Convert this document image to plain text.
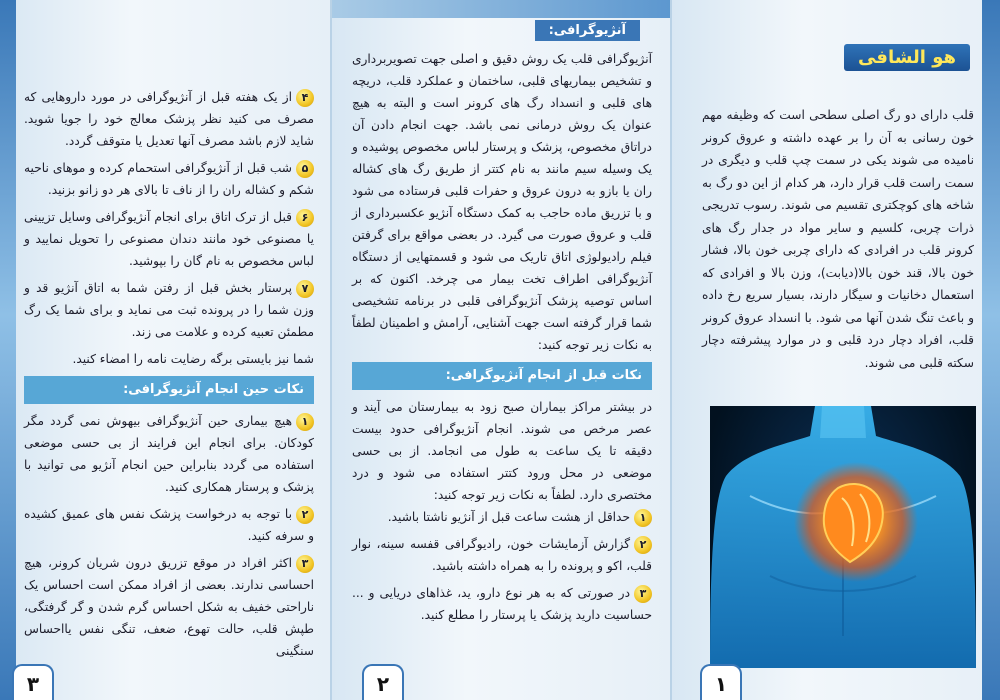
۴از یک هفته قبل از آنژیوگرافی در مورد داروهایی که مصرف می کنید نظر پزشک معالج خود را جویا شوید. شاید لازم باشد مصرف آنها تعدیل یا متوقف گردد.
۵شب قبل از آنژیوگرافی استحمام کرده و موهای ناحیه شکم و کشاله ران را از ناف تا بالای هر دو زانو بزنید.
۶قبل از ترک اتاق برای انجام آنژیوگرافی وسایل تزیینی یا مصنوعی خود مانند دندان مصنوعی را تحویل نمایید و لباس مخصوص به نام گان را بپوشید.
۷پرستار بخش قبل از رفتن شما به اتاق آنژیو قد و وزن شما را در پرونده ثبت می نماید و برای شما یک رگ مطمئن تعبیه کرده و علامت می زند.
شما نیز بایستی برگه رضایت نامه را امضاء کنید.
نکات حین انجام آنژیوگرافی:
۱هیچ بیماری حین آنژیوگرافی بیهوش نمی گردد مگر کودکان. برای انجام این فرایند از بی حسی موضعی استفاده می گردد بنابراین حین انجام آنژیو می توانید با پزشک و پرستار همکاری کنید.
۲با توجه به درخواست پزشک نفس های عمیق کشیده و سرفه کنید.
۳اکثر افراد در موقع تزریق درون شریان کرونر، هیچ احساسی ندارند. بعضی از افراد ممکن است احساس یک ناراحتی خفیف به شکل احساس گرم شدن و گر گرفتگی، طپش قلب، حالت تهوع، ضعف، تنگی نفس یااحساس سنگینی
۳
آنژیوگرافی:
آنژیوگرافی قلب یک روش دقیق و اصلی جهت تصویربرداری و تشخیص بیماریهای قلبی، ساختمان و عملکرد قلب، دریچه های قلبی و انسداد رگ های کرونر است و البته به هیچ عنوان یک روش درمانی نمی باشد. جهت انجام دادن آن دراتاق مخصوص، پزشک و پرستار لباس مخصوص پوشیده و یک وسیله سیم مانند به نام کتتر از طریق رگ های کشاله ران یا بازو به درون عروق و حفرات قلبی فرستاده می شود و با تزریق ماده حاجب به کمک دستگاه آنژیو عکسبرداری از قلب و عروق صورت می گیرد. در بعضی مواقع برای گرفتن فیلم رادیولوژی اتاق تاریک می شود و قسمتهایی از دستگاه آنژیوگرافی اطراف تخت بیمار می چرخد. اکنون که بر اساس توصیه پزشک آنژیوگرافی قلبی در برنامه تشخیصی شما قرار گرفته است جهت آشنایی، آرامش و اطمینان لطفاً به نکات زیر توجه کنید:
نکات قبل از انجام آنژیوگرافی:
در بیشتر مراکز بیماران صبح زود به بیمارستان می آیند و عصر مرخص می شوند. انجام آنژیوگرافی حدود بیست دقیقه تا یک ساعت به طول می انجامد. از بی حسی موضعی در محل ورود کتتر استفاده می شود و درد مختصری دارد. لطفاً به نکات زیر توجه کنید:
۱حداقل از هشت ساعت قبل از آنژیو ناشتا باشید.
۲گزارش آزمایشات خون، رادیوگرافی قفسه سینه، نوار قلب، اکو و پرونده را به همراه داشته باشید.
۳در صورتی که به هر نوع دارو، ید، غذاهای دریایی و ... حساسیت دارید پزشک یا پرستار را مطلع کنید.
۲
هو الشافی
قلب دارای دو رگ اصلی سطحی است که وظیفه مهم خون رسانی به آن را بر عهده داشته و عروق کرونر نامیده می شوند یکی در سمت چپ قلب و دیگری در سمت راست قلب قرار دارد، هر کدام از این دو رگ به شاخه های کوچکتری تقسیم می شوند. رسوب تدریجی ذرات چربی، کلسیم و سایر مواد در جدار رگ های کرونر قلب در افرادی که دارای چربی خون بالا، فشار خون بالا، قند خون بالا(دیابت)، وزن بالا و افرادی که استعمال دخانیات و سیگار دارند، بسیار سریع رخ داده و باعث تنگ شدن آنها می شود. با انسداد عروق کرونر قلب، افراد دچار درد قلبی و در موارد پیشرفته دچار سکته قلبی می شوند.
۱
